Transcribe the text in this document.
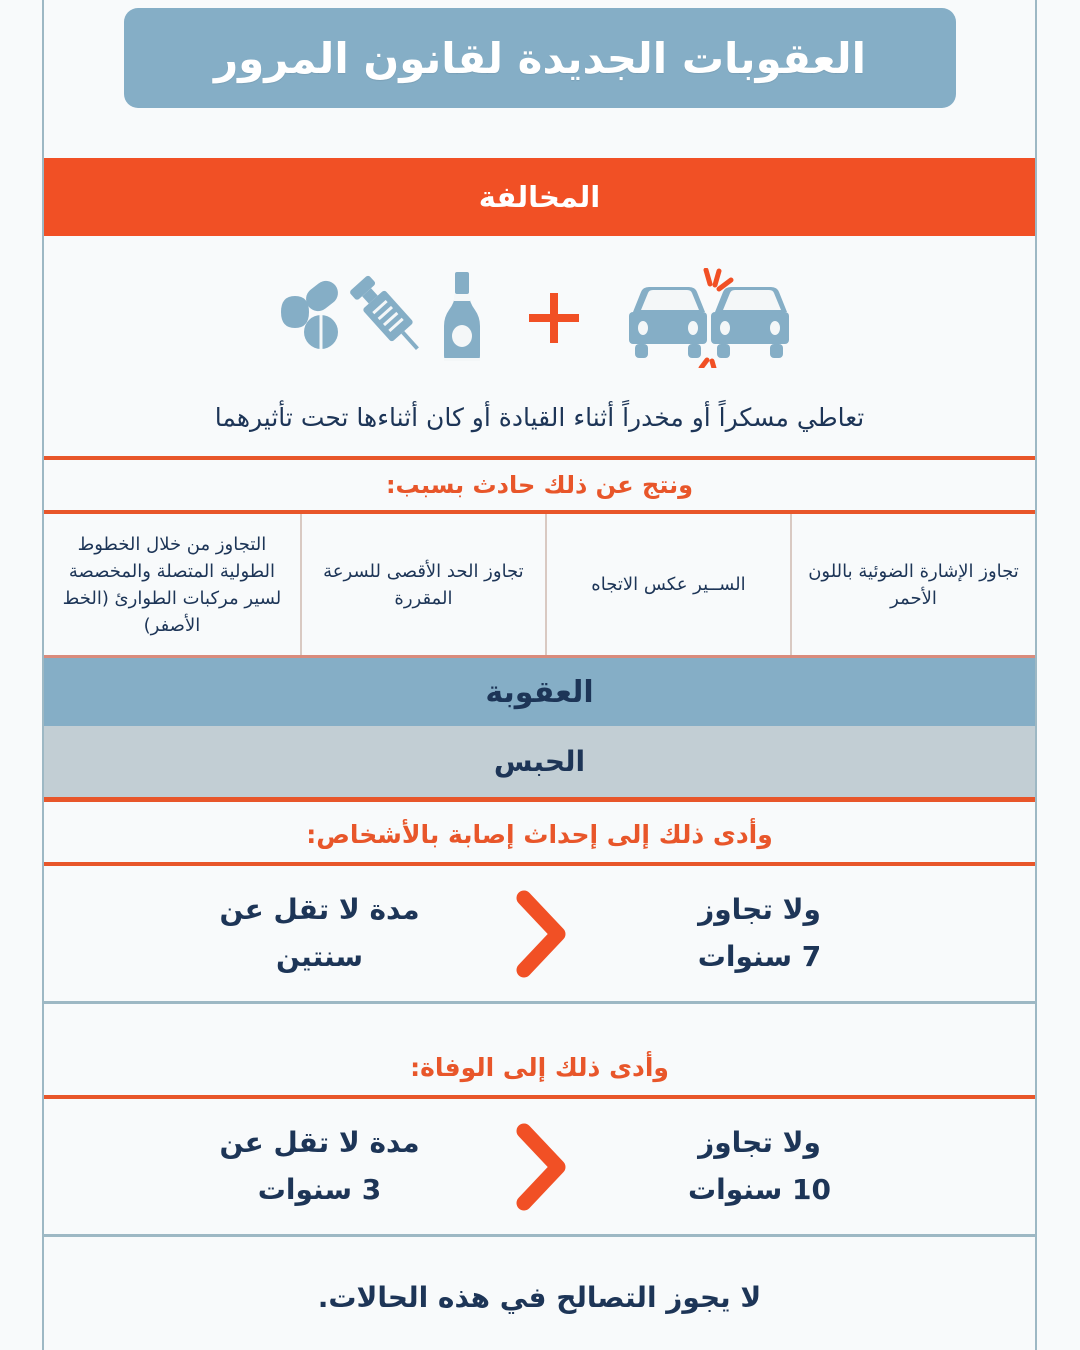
العقوبات الجديدة لقانون المرور
المخالفة
تعاطي مسكراً أو مخدراً أثناء القيادة أو كان أثناءها تحت تأثيرهما
ونتج عن ذلك حادث بسبب:
تجاوز الإشارة الضوئية باللون الأحمر
الســير عكس الاتجاه
تجاوز الحد الأقصى للسرعة المقررة
التجاوز من خلال الخطوط الطولية المتصلة والمخصصة لسير مركبات الطوارئ (الخط الأصفر)
العقوبة
الحبس
وأدى ذلك إلى إحداث إصابة بالأشخاص:
ولا تجاوز
7 سنوات
مدة لا تقل عن
سنتين
وأدى ذلك إلى الوفاة:
ولا تجاوز
10 سنوات
مدة لا تقل عن
3 سنوات
لا يجوز التصالح في هذه الحالات.
